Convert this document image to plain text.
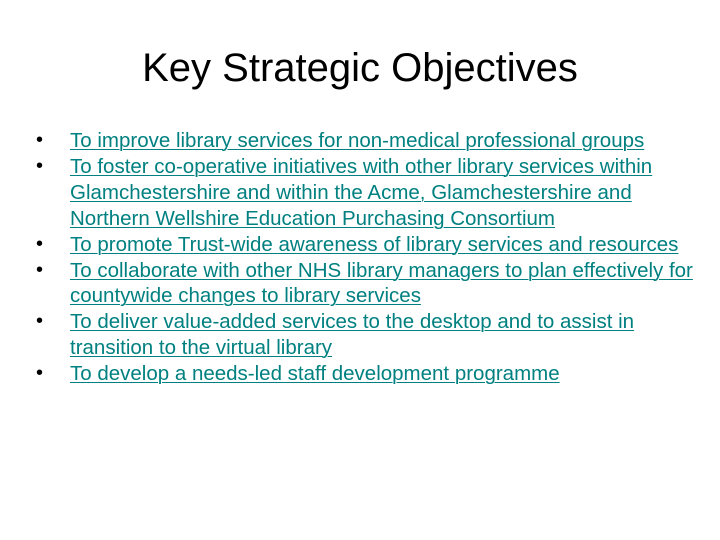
Key Strategic Objectives
• To improve library services for non-medical professional groups
• To foster co-operative initiatives with other library services within Glamchestershire and within the Acme, Glamchestershire and Northern Wellshire Education Purchasing Consortium
• To promote Trust-wide awareness of library services and resources
• To collaborate with other NHS library managers to plan effectively for countywide changes to library services
• To deliver value-added services to the desktop and to assist in transition to the virtual library
• To develop a needs-led staff development programme
